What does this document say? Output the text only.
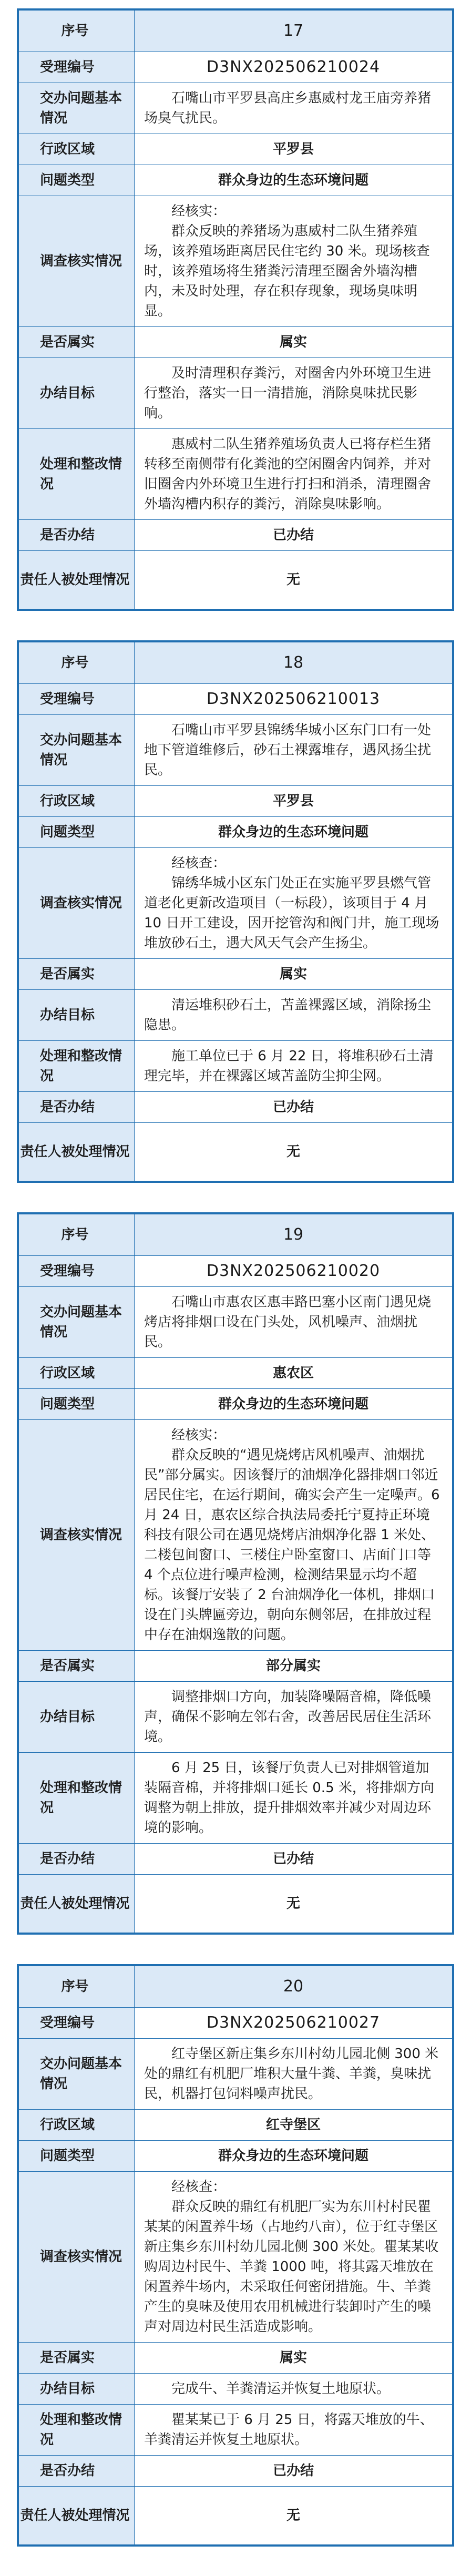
序号	17
受理编号	D3NX202506210024
交办问题基本情况	石嘴山市平罗县高庄乡惠威村龙王庙旁养猪场臭气扰民。
行政区域	平罗县
问题类型	群众身边的生态环境问题
调查核实情况	经核实：
群众反映的养猪场为惠威村二队生猪养殖场，该养殖场距离居民住宅约 30 米。现场核查时，该养殖场将生猪粪污清理至圈舍外墙沟槽内，未及时处理，存在积存现象，现场臭味明显。

是否属实	属实
办结目标	及时清理积存粪污，对圈舍内外环境卫生进行整治，落实一日一清措施，消除臭味扰民影响。
处理和整改情况	惠威村二队生猪养殖场负责人已将存栏生猪转移至南侧带有化粪池的空闲圈舍内饲养，并对旧圈舍内外环境卫生进行打扫和消杀，清理圈舍外墙沟槽内积存的粪污，消除臭味影响。
是否办结	已办结
责任人被处理情况	无
序号	18
受理编号	D3NX202506210013
交办问题基本情况	石嘴山市平罗县锦绣华城小区东门口有一处地下管道维修后，砂石土裸露堆存，遇风扬尘扰民。
行政区域	平罗县
问题类型	群众身边的生态环境问题
调查核实情况	经核查：
锦绣华城小区东门处正在实施平罗县燃气管道老化更新改造项目（一标段），该项目于 4 月 10 日开工建设，因开挖管沟和阀门井，施工现场堆放砂石土，遇大风天气会产生扬尘。

是否属实	属实
办结目标	清运堆积砂石土，苫盖裸露区域，消除扬尘隐患。
处理和整改情况	施工单位已于 6 月 22 日，将堆积砂石土清理完毕，并在裸露区域苫盖防尘抑尘网。
是否办结	已办结
责任人被处理情况	无
序号	19
受理编号	D3NX202506210020
交办问题基本情况	石嘴山市惠农区惠丰路巴塞小区南门遇见烧烤店将排烟口设在门头处，风机噪声、油烟扰民。
行政区域	惠农区
问题类型	群众身边的生态环境问题
调查核实情况	经核实：
群众反映的“遇见烧烤店风机噪声、油烟扰民”部分属实。因该餐厅的油烟净化器排烟口邻近居民住宅，在运行期间，确实会产生一定噪声。6 月 24 日，惠农区综合执法局委托宁夏持正环境科技有限公司在遇见烧烤店油烟净化器 1 米处、二楼包间窗口、三楼住户卧室窗口、店面门口等 4 个点位进行噪声检测，检测结果显示均不超标。该餐厅安装了 2 台油烟净化一体机，排烟口设在门头牌匾旁边，朝向东侧邻居，在排放过程中存在油烟逸散的问题。

是否属实	部分属实
办结目标	调整排烟口方向，加装降噪隔音棉，降低噪声，确保不影响左邻右舍，改善居民居住生活环境。
处理和整改情况	6 月 25 日，该餐厅负责人已对排烟管道加装隔音棉，并将排烟口延长 0.5 米，将排烟方向调整为朝上排放，提升排烟效率并减少对周边环境的影响。
是否办结	已办结
责任人被处理情况	无
序号	20
受理编号	D3NX202506210027
交办问题基本情况	红寺堡区新庄集乡东川村幼儿园北侧 300 米处的鼎红有机肥厂堆积大量牛粪、羊粪，臭味扰民，机器打包饲料噪声扰民。
行政区域	红寺堡区
问题类型	群众身边的生态环境问题
调查核实情况	经核查：
群众反映的鼎红有机肥厂实为东川村村民瞿某某的闲置养牛场（占地约八亩），位于红寺堡区新庄集乡东川村幼儿园北侧 300 米处。瞿某某收购周边村民牛、羊粪 1000 吨，将其露天堆放在闲置养牛场内，未采取任何密闭措施。牛、羊粪产生的臭味及使用农用机械进行装卸时产生的噪声对周边村民生活造成影响。

是否属实	属实
办结目标	完成牛、羊粪清运并恢复土地原状。
处理和整改情况	瞿某某已于 6 月 25 日，将露天堆放的牛、羊粪清运并恢复土地原状。
是否办结	已办结
责任人被处理情况	无
